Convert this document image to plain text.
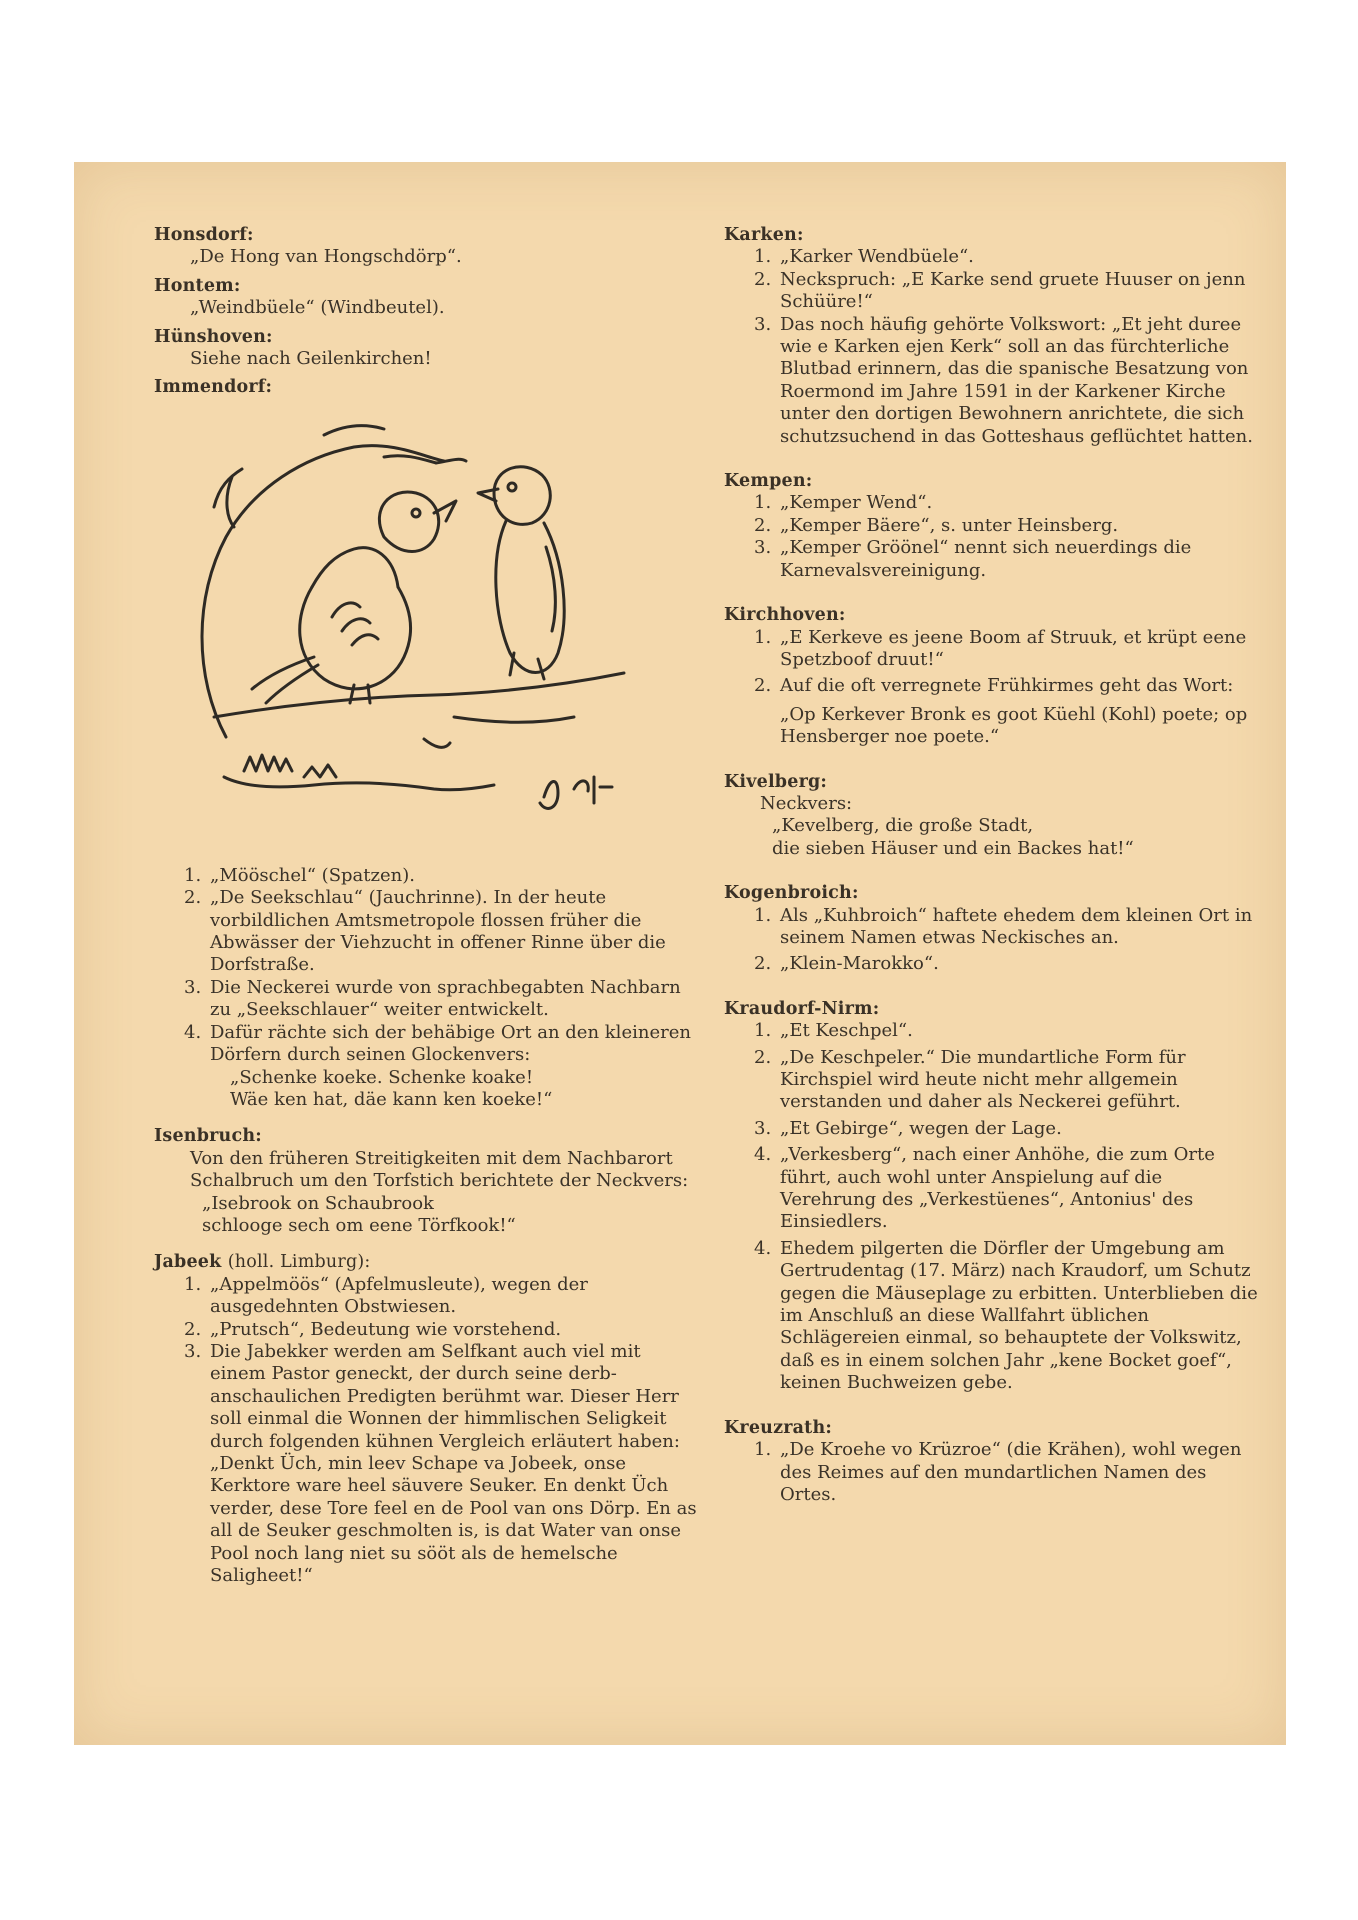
Honsdorf:

„De Hong van Hongschdörp“.

Hontem:

„Weindbüele“ (Windbeutel).

Hünshoven:

Siehe nach Geilenkirchen!

Immendorf:

1. „Mööschel“ (Spatzen).
2. „De Seekschlau“ (Jauchrinne). In der heute vorbildlichen Amtsmetropole flossen früher die Abwässer der Viehzucht in offener Rinne über die Dorfstraße.
3. Die Neckerei wurde von sprachbegabten Nachbarn zu „Seekschlauer“ weiter entwickelt.
4. Dafür rächte sich der behäbige Ort an den kleineren Dörfern durch seinen Glockenvers:
„Schenke koeke. Schenke koake!
Wäe ken hat, däe kann ken koeke!“

Isenbruch:

Von den früheren Streitigkeiten mit dem Nachbarort Schalbruch um den Torfstich berichtete der Neckvers:

„Isebrook on Schaubrook
schlooge sech om eene Törfkook!“

Jabeek (holl. Limburg):

1. „Appelmöös“ (Apfelmusleute), wegen der ausgedehnten Obstwiesen.
2. „Prutsch“, Bedeutung wie vorstehend.
3. Die Jabekker werden am Selfkant auch viel mit einem Pastor geneckt, der durch seine derb-anschaulichen Predigten berühmt war. Dieser Herr soll einmal die Wonnen der himmlischen Seligkeit durch folgenden kühnen Vergleich erläutert haben: „Denkt Üch, min leev Schape va Jobeek, onse Kerktore ware heel säuvere Seuker. En denkt Üch verder, dese Tore feel en de Pool van ons Dörp. En as all de Seuker geschmolten is, is dat Water van onse Pool noch lang niet su sööt als de hemelsche Saligheet!“

Karken:

1. „Karker Wendbüele“.
2. Neckspruch: „E Karke send gruete Huuser on jenn Schüüre!“
3. Das noch häufig gehörte Volkswort: „Et jeht duree wie e Karken ejen Kerk“ soll an das fürchterliche Blutbad erinnern, das die spanische Besatzung von Roermond im Jahre 1591 in der Karkener Kirche unter den dortigen Bewohnern anrichtete, die sich schutzsuchend in das Gotteshaus geflüchtet hatten.

Kempen:

1. „Kemper Wend“.
2. „Kemper Bäere“, s. unter Heinsberg.
3. „Kemper Gröönel“ nennt sich neuerdings die Karnevalsvereinigung.

Kirchhoven:

1. „E Kerkeve es jeene Boom af Struuk, et krüpt eene Spetzboof druut!“
2. Auf die oft verregnete Frühkirmes geht das Wort:
„Op Kerkever Bronk es goot Küehl (Kohl) poete; op Hensberger noe poete.“

Kivelberg:

Neckvers:

„Kevelberg, die große Stadt,
die sieben Häuser und ein Backes hat!“

Kogenbroich:

1. Als „Kuhbroich“ haftete ehedem dem kleinen Ort in seinem Namen etwas Neckisches an.
2. „Klein-Marokko“.

Kraudorf-Nirm:

1. „Et Keschpel“.
2. „De Keschpeler.“ Die mundartliche Form für Kirchspiel wird heute nicht mehr allgemein verstanden und daher als Neckerei geführt.
3. „Et Gebirge“, wegen der Lage.
4. „Verkesberg“, nach einer Anhöhe, die zum Orte führt, auch wohl unter Anspielung auf die Verehrung des „Verkestüenes“, Antonius' des Einsiedlers.
4. Ehedem pilgerten die Dörfler der Umgebung am Gertrudentag (17. März) nach Kraudorf, um Schutz gegen die Mäuseplage zu erbitten. Unterblieben die im Anschluß an diese Wallfahrt üblichen Schlägereien einmal, so behauptete der Volkswitz, daß es in einem solchen Jahr „kene Bocket goef“, keinen Buchweizen gebe.

Kreuzrath:

1. „De Kroehe vo Krüzroe“ (die Krähen), wohl wegen des Reimes auf den mundartlichen Namen des Ortes.
